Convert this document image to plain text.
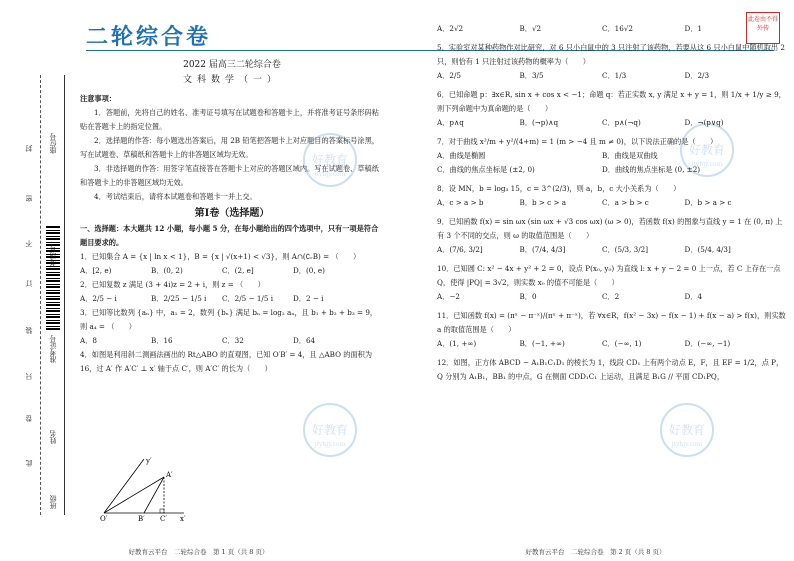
二轮综合卷
此卷由不得外传
封 座位号
密
考场号
不
订
准考证号
装
只
卷
姓名
此
班级
2022 届高三二轮综合卷
文科数学（一）
注意事项：
1．答题前，先将自己的姓名、准考证号填写在试题卷和答题卡上，并将准考证号条形码粘贴在答题卡上的指定位置。
2．选择题的作答：每小题选出答案后，用 2B 铅笔把答题卡上对应题目的答案标号涂黑，写在试题卷、草稿纸和答题卡上的非答题区域均无效。
3．非选择题的作答：用签字笔直接答在答题卡上对应的答题区域内。写在试题卷、草稿纸和答题卡上的非答题区域均无效。
4．考试结束后，请将本试题卷和答题卡一并上交。
第Ⅰ卷（选择题）
一、选择题：本大题共 12 小题，每小题 5 分，在每小题给出的四个选项中，只有一项是符合题目要求的。
1．已知集合 A = {x | ln x < 1}，B = {x | √(x+1) < √3}，则 A∩(∁ᵣB) = （　　）
A．[2, e)	B．(0, 2)	C．(2, e]	D．(0, e)
2．已知复数 z 满足 (3 + 4i)z = 2 + i，则 z = （　　）
A．2/5 − i	B．2/25 − 1/5 i	C．2/5 − 1/5 i	D．2 − i
3．已知等比数列 {aₙ} 中，a₁ = 2，数列 {bₙ} 满足 bₙ = log₂ aₙ，且 b₁ + b₂ + b₃ = 9，则 a₄ = （　　）
A．8	B．16	C．32	D．64
4．如图是利用斜二测画法画出的 Rt△ABO 的直观图，已知 O′B′ = 4，且 △ABO 的面积为 16，过 A′ 作 A′C′ ⊥ x′ 轴于点 C′，则 A′C′ 的长为（　　）
y′
A′
O′	B′ C′ x′
好教育
jtyhjy.com
好教育
jtyhjy.com
好教育云平台　二轮综合卷　第 1 页（共 8 页）
A．2√2	B．√2	C．16√2	D．1

5．实验室对某种药物作对比研究，对 6 只小白鼠中的 3 只注射了该药物，若要从这 6 只小白鼠中随机取出 2 只，则恰有 1 只注射过该药物的概率为（　　）

A．2/5	B．3/5	C．1/3	D．2/3

6．已知命题 p：∃x∈R, sin x + cos x < −1；命题 q：若正实数 x, y 满足 x + y = 1，则 1/x + 1/y ≥ 9，则下列命题中为真命题的是（　　）

A．p∧q	B．(¬p)∧q	C．p∧(¬q)	D．¬(p∨q)

7．对于曲线 x²/m + y²/(4+m) = 1 (m > −4 且 m ≠ 0)，以下说法正确的是（　　）

A．曲线是椭圆	B．曲线是双曲线
C．曲线的焦点坐标是 (±2, 0)	D．曲线的焦点坐标是 (0, ±2)

8．设 MN，b = log₃ 15，c = 3^(2/3)，则 a，b，c 大小关系为（　　）

A．c > a > b	B．b > c > a	C．a > b > c	D．b > a > c

9．已知函数 f(x) = sin ωx (sin ωx + √3 cos ωx) (ω > 0)，若函数 f(x) 的图象与直线 y = 1 在 (0, π) 上有 3 个不同的交点，则 ω 的取值范围是（　　）

A．(7/6, 3/2]	B．(7/4, 4/3]	C．(5/3, 3/2]	D．(5/4, 4/3]

10．已知圆 C: x² − 4x + y² + 2 = 0，设点 P(x₀, y₀) 为直线 l: x + y − 2 = 0 上一点，若 C 上存在一点 Q，使得 |PQ| = 3√2，则实数 x₀ 的值不可能是（　　）

A．−2	B．0	C．2	D．4

11．已知函数 f(x) = (πˣ − π⁻ˣ)/(πˣ + π⁻ˣ)，若 ∀x∈R，f(x² − 3x) − f(x − 1) + f(x − a) > f(x)，则实数 a 的取值范围是（　　）

A．(1, +∞)	B．(−1, +∞)	C．(−∞, 1)	D．(−∞, −1)

12．如图，正方体 ABCD − A₁B₁C₁D₁ 的棱长为 1，线段 CD₁ 上有两个动点 E，F，且 EF = 1/2，点 P，Q 分别为 A₁B₁，BB₁ 的中点，G 在侧面 CDD₁C₁ 上运动，且满足 B₁G // 平面 CD₁PQ，

好教育
jtyhjy.com
好教育
jtyhjy.com
好教育云平台　二轮综合卷　第 2 页（共 8 页）
